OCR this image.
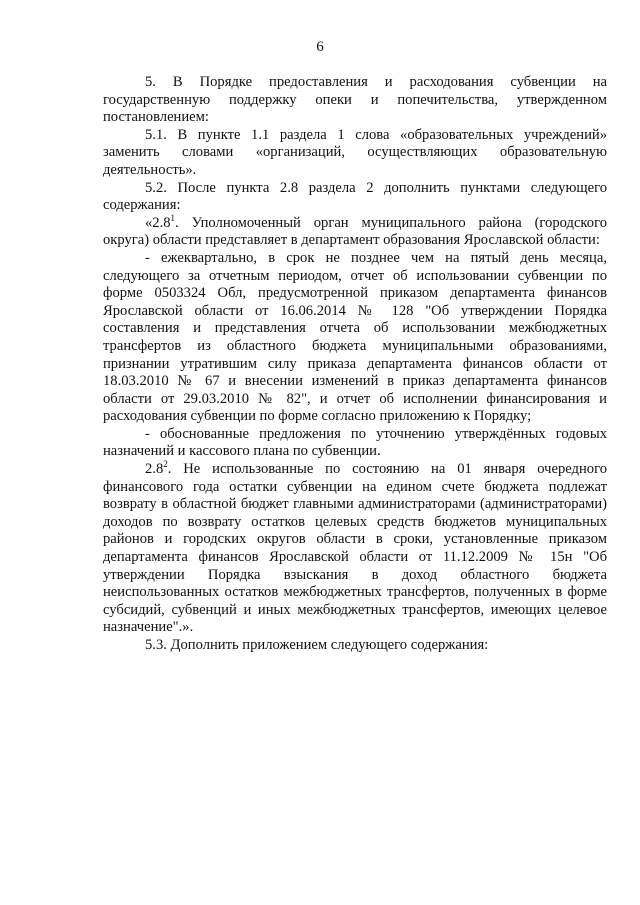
6

5. В Порядке предоставления и расходования субвенции на государственную поддержку опеки и попечительства, утвержденном постановлением:

5.1. В пункте 1.1 раздела 1 слова «образовательных учреждений» заменить словами «организаций, осуществляющих образовательную деятельность».

5.2. После пункта 2.8 раздела 2 дополнить пунктами следующего содержания:

«$2.8^1$. Уполномоченный орган муниципального района (городского округа) области представляет в департамент образования Ярославской области:

- ежеквартально, в срок не позднее чем на пятый день месяца, следующего за отчетным периодом, отчет об использовании субвенции по форме 0503324 Обл, предусмотренной приказом департамента финансов Ярославской области от 16.06.2014 № 128 "Об утверждении Порядка составления и представления отчета об использовании межбюджетных трансфертов из областного бюджета муниципальными образованиями, признании утратившим силу приказа департамента финансов области от 18.03.2010 № 67 и внесении изменений в приказ департамента финансов области от 29.03.2010 № 82", и отчет об исполнении финансирования и расходования субвенции по форме согласно приложению к Порядку;

- обоснованные предложения по уточнению утверждённых годовых назначений и кассового плана по субвенции.

$2.8^2$. Не использованные по состоянию на 01 января очередного финансового года остатки субвенции на едином счете бюджета подлежат возврату в областной бюджет главными администраторами (администраторами) доходов по возврату остатков целевых средств бюджетов муниципальных районов и городских округов области в сроки, установленные приказом департамента финансов Ярославской области от 11.12.2009 № 15н "Об утверждении Порядка взыскания в доход областного бюджета неиспользованных остатков межбюджетных трансфертов, полученных в форме субсидий, субвенций и иных межбюджетных трансфертов, имеющих целевое назначение".».

5.3. Дополнить приложением следующего содержания:
